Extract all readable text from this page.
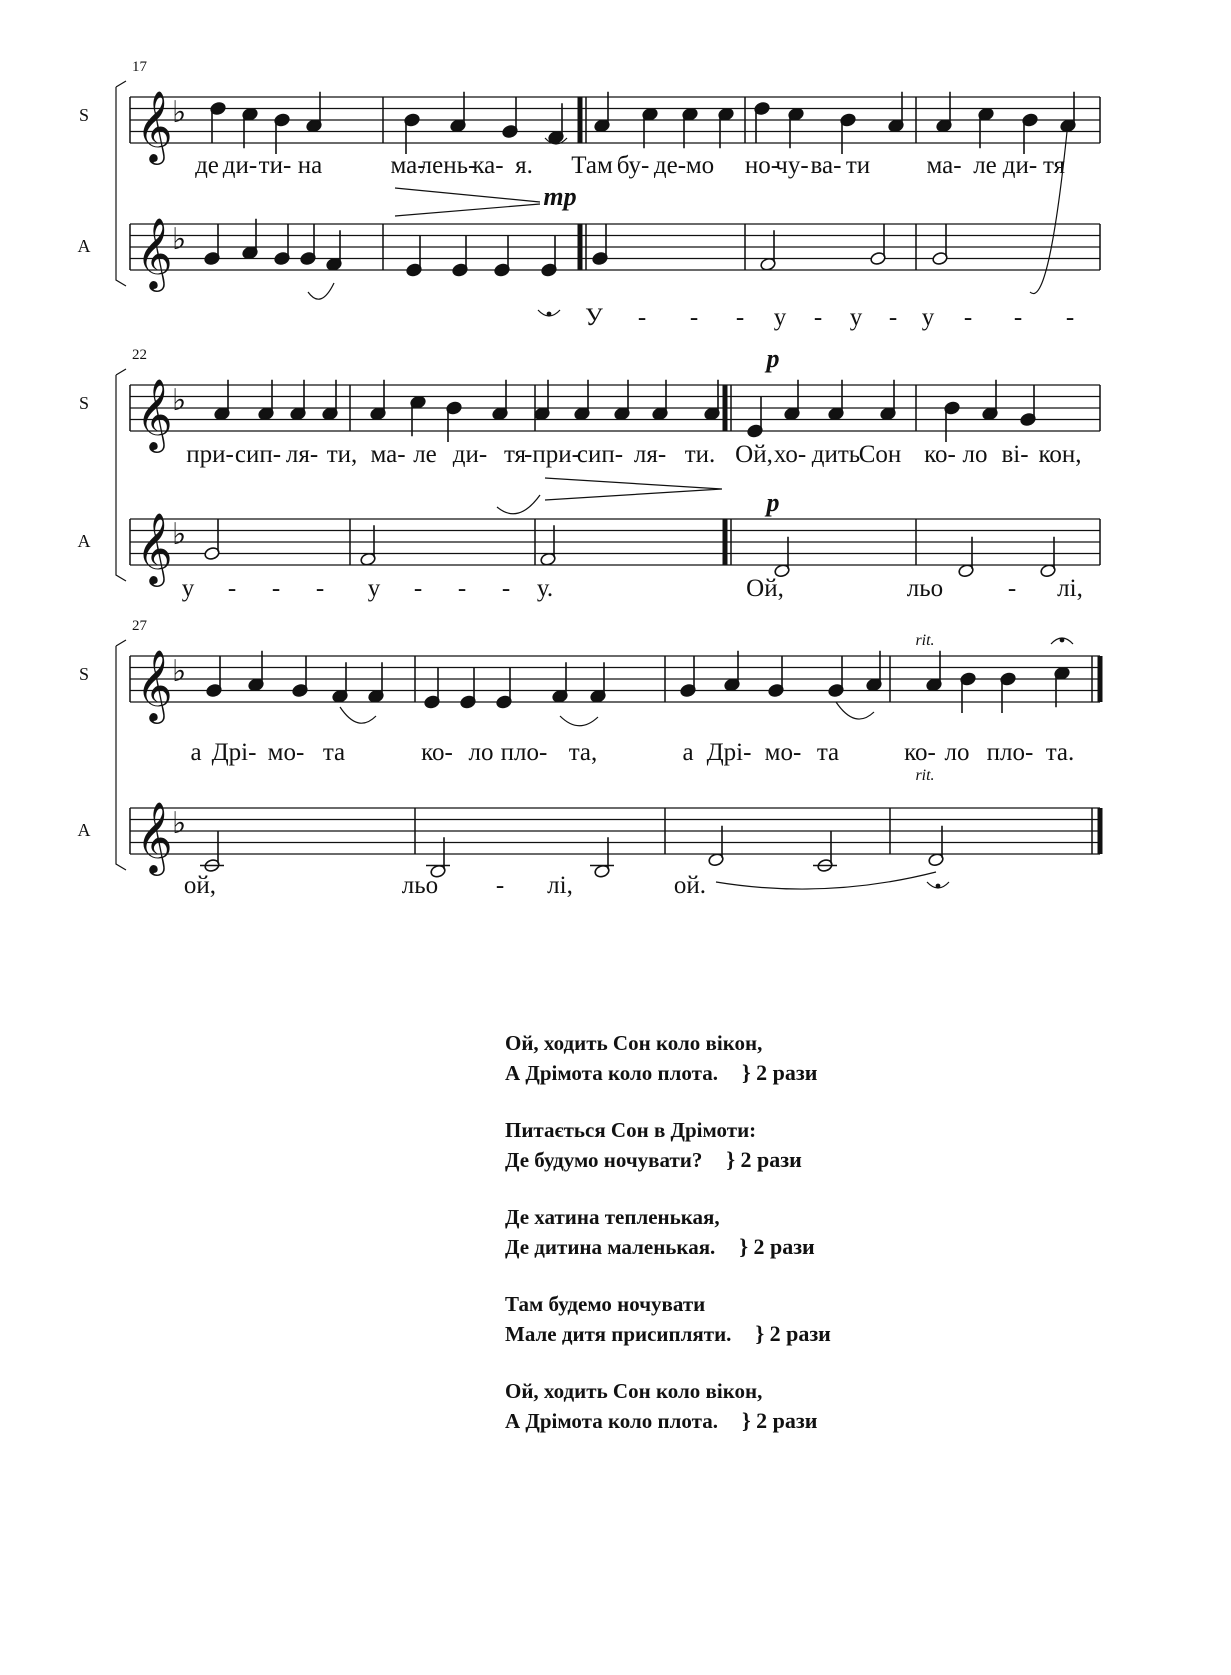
𝄞 ♭
𝄞 ♭
𝄞 ♭
𝄞 ♭
𝄞 ♭
𝄞 ♭
S
A
17
де ди- ти- на	ма-
лень-
ка- я. Там бу- де- мо но-
чу- ва- ти ма- ле ди- тя
У - - - у - у - у - - -
S
A
22
при- сип- ля- ти, ма- ле ди- тя
-при-
сип- ля- ти. Ой, хо- дить
Сон ко- ло ві- кон,
у - - - у - - - у.	Ой,	льо	- лі,
S
A
27
а Дрі- мо- та	ко- ло пло- та,	а Дрі- мо- та	ко- ло пло- та.
ой,	льо - лі,	ой.
mp
p
p
rit.
rit.
Ой, ходить Сон коло вікон,
А Дрімота коло плота. } 2 рази
Питається Сон в Дрімоти:
Де будумо ночувати? } 2 рази
Де хатина тепленькая,
Де дитина маленькая. } 2 рази
Там будемо ночувати
Мале дитя присипляти. } 2 рази
Ой, ходить Сон коло вікон,
А Дрімота коло плота. } 2 рази
